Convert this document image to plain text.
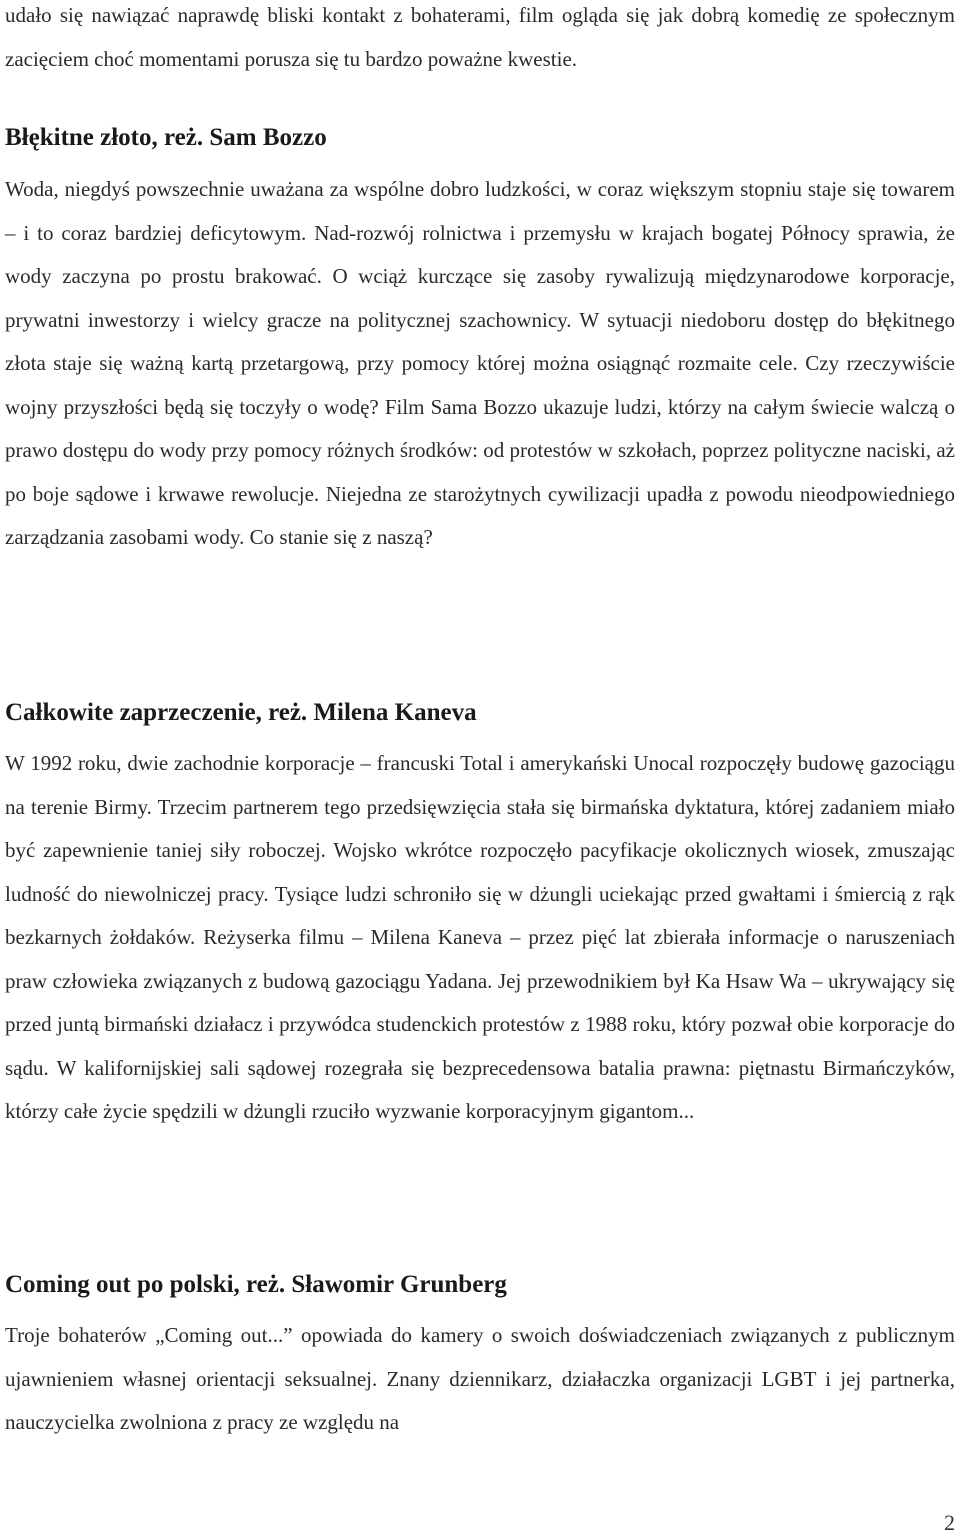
udało się nawiązać naprawdę bliski kontakt z bohaterami, film ogląda się jak dobrą komedię ze społecznym zacięciem choć momentami porusza się tu bardzo poważne kwestie.

Błękitne złoto, reż. Sam Bozzo

Woda, niegdyś powszechnie uważana za wspólne dobro ludzkości, w coraz większym stopniu staje się towarem – i to coraz bardziej deficytowym. Nad-rozwój rolnictwa i przemysłu w krajach bogatej Północy sprawia, że wody zaczyna po prostu brakować. O wciąż kurczące się zasoby rywalizują międzynarodowe korporacje, prywatni inwestorzy i wielcy gracze na politycznej szachownicy. W sytuacji niedoboru dostęp do błękitnego złota staje się ważną kartą przetargową, przy pomocy której można osiągnąć rozmaite cele. Czy rzeczywiście wojny przyszłości będą się toczyły o wodę? Film Sama Bozzo ukazuje ludzi, którzy na całym świecie walczą o prawo dostępu do wody przy pomocy różnych środków: od protestów w szkołach, poprzez polityczne naciski, aż po boje sądowe i krwawe rewolucje. Niejedna ze starożytnych cywilizacji upadła z powodu nieodpowiedniego zarządzania zasobami wody. Co stanie się z naszą?

Całkowite zaprzeczenie, reż. Milena Kaneva

W 1992 roku, dwie zachodnie korporacje – francuski Total i amerykański Unocal rozpoczęły budowę gazociągu na terenie Birmy. Trzecim partnerem tego przedsięwzięcia stała się birmańska dyktatura, której zadaniem miało być zapewnienie taniej siły roboczej. Wojsko wkrótce rozpoczęło pacyfikacje okolicznych wiosek, zmuszając ludność do niewolniczej pracy. Tysiące ludzi schroniło się w dżungli uciekając przed gwałtami i śmiercią z rąk bezkarnych żołdaków. Reżyserka filmu – Milena Kaneva – przez pięć lat zbierała informacje o naruszeniach praw człowieka związanych z budową gazociągu Yadana. Jej przewodnikiem był Ka Hsaw Wa – ukrywający się przed juntą birmański działacz i przywódca studenckich protestów z 1988 roku, który pozwał obie korporacje do sądu. W kalifornijskiej sali sądowej rozegrała się bezprecedensowa batalia prawna: piętnastu Birmańczyków, którzy całe życie spędzili w dżungli rzuciło wyzwanie korporacyjnym gigantom...

Coming out po polski, reż. Sławomir Grunberg

Troje bohaterów „Coming out...” opowiada do kamery o swoich doświadczeniach związanych z publicznym ujawnieniem własnej orientacji seksualnej. Znany dziennikarz, działaczka organizacji LGBT i jej partnerka, nauczycielka zwolniona z pracy ze względu na

2
